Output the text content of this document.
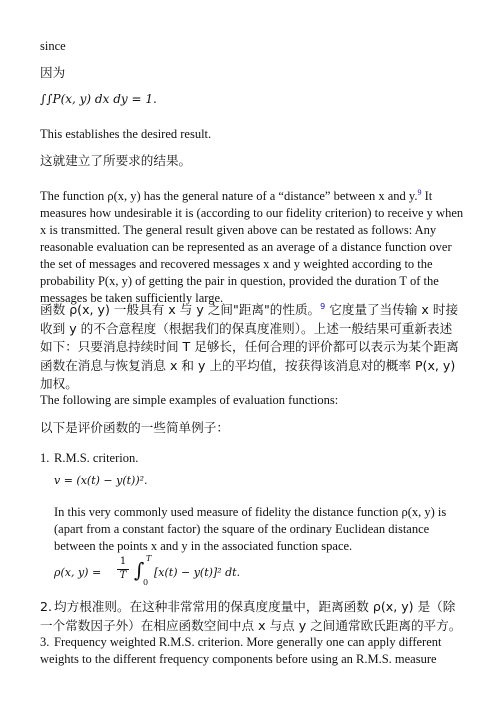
since

因为

∫∫P(x, y) dx dy = 1.

This establishes the desired result.

这就建立了所要求的结果。

The function ρ(x, y) has the general nature of a “distance” between x and y.$^9$ It measures how undesirable it is (according to our fidelity criterion) to receive y when x is transmitted. The general result given above can be restated as follows: Any reasonable evaluation can be represented as an average of a distance function over the set of messages and recovered messages x and y weighted according to the probability P(x, y) of getting the pair in question, provided the duration T of the messages be taken sufficiently large.

函数 ρ(x, y) 一般具有 x 与 y 之间"距离"的性质。$^9$ 它度量了当传输 x 时接收到 y 的不合意程度（根据我们的保真度准则）。上述一般结果可重新表述如下：只要消息持续时间 T 足够长，任何合理的评价都可以表示为某个距离函数在消息与恢复消息 x 和 y 上的平均值，按获得该消息对的概率 P(x, y) 加权。

The following are simple examples of evaluation functions:

以下是评价函数的一些简单例子：

1. R.M.S. criterion.

v = (x(t) − y(t))².

In this very commonly used measure of fidelity the distance function ρ(x, y) is (apart from a constant factor) the square of the ordinary Euclidean distance between the points x and y in the associated function space.

ρ(x, y) =
1
T ∫ T
0
[x(t) − y(t)]² dt.

2. 均方根准则。在这种非常常用的保真度度量中，距离函数 ρ(x, y) 是（除一个常数因子外）在相应函数空间中点 x 与点 y 之间通常欧氏距离的平方。

3. Frequency weighted R.M.S. criterion. More generally one can apply different weights to the different frequency components before using an R.M.S. measure
